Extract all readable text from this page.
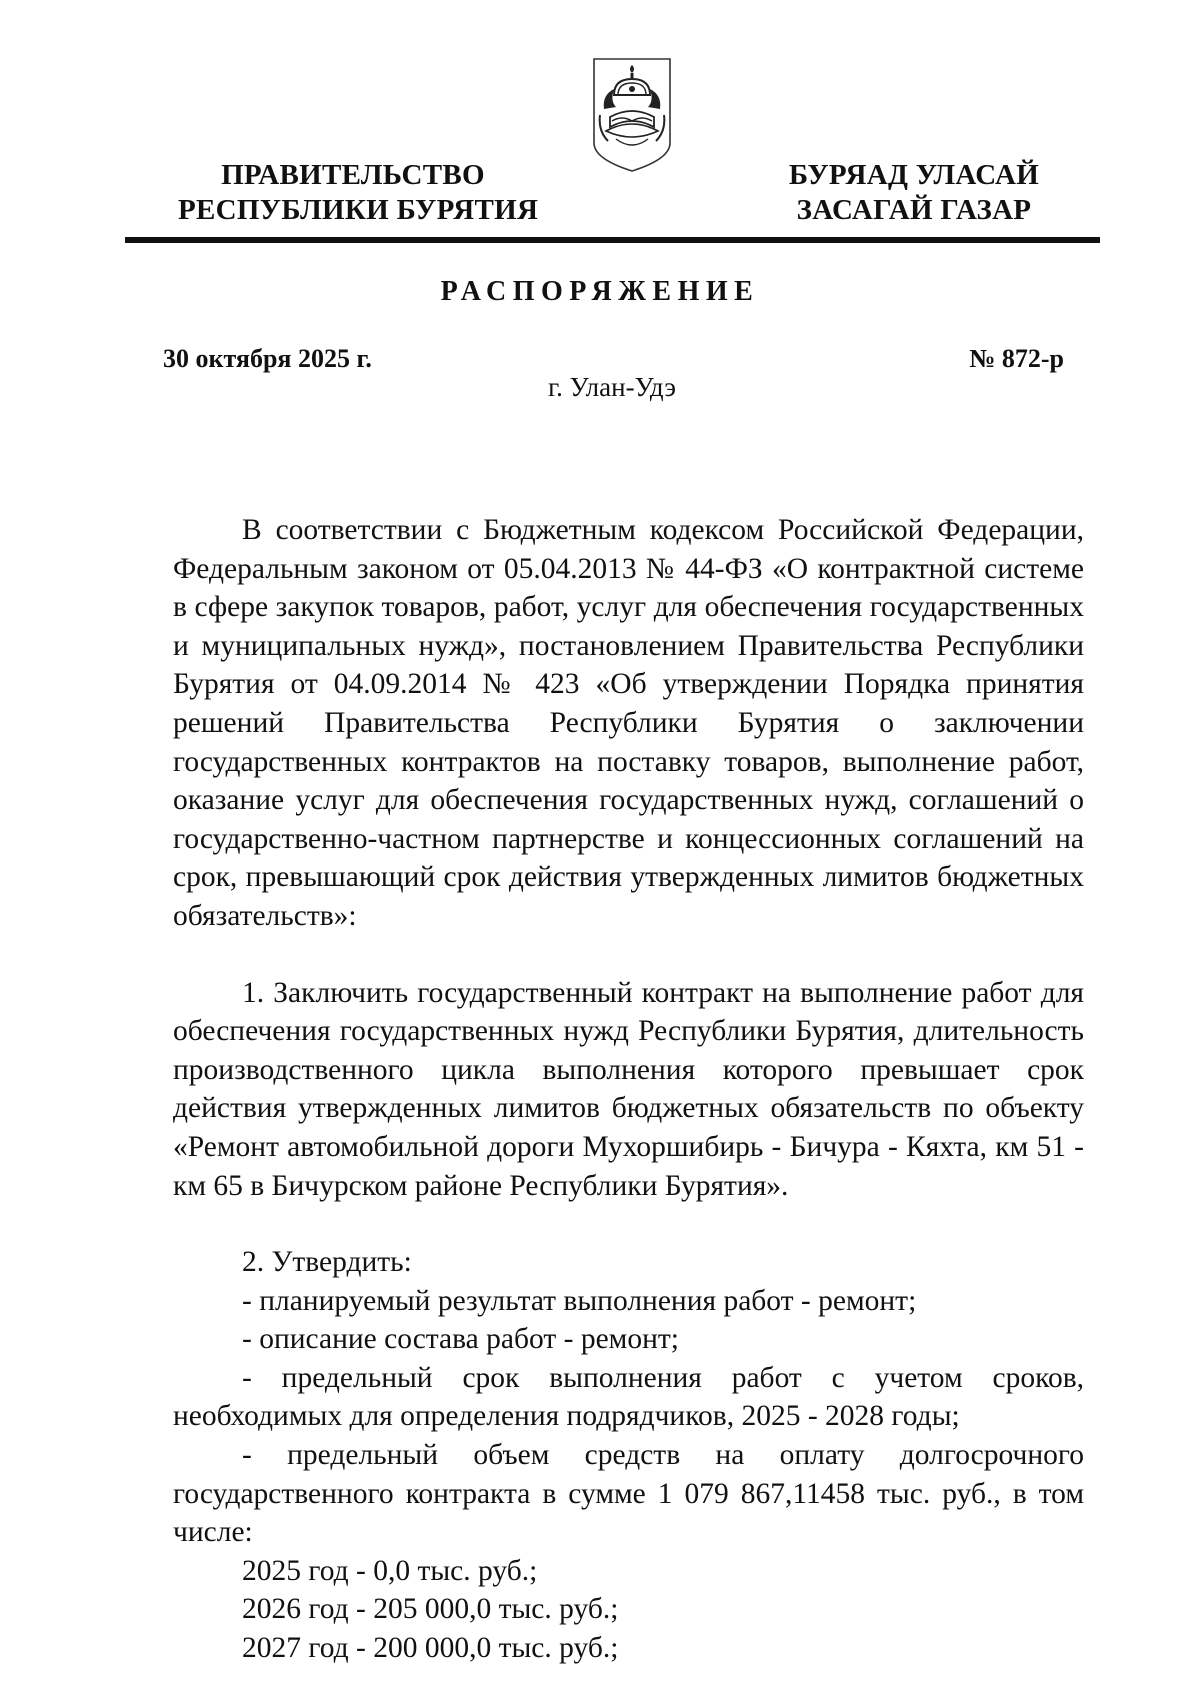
ПРАВИТЕЛЬСТВО
РЕСПУБЛИКИ БУРЯТИЯ
БУРЯАД УЛАСАЙ
ЗАСАГАЙ ГАЗАР
РАСПОРЯЖЕНИЕ
30 октября 2025 г.	№ 872-р
г. Улан-Удэ

В соответствии с Бюджетным кодексом Российской Федерации, Федеральным законом от 05.04.2013 № 44-ФЗ «О контрактной системе в сфере закупок товаров, работ, услуг для обеспечения государственных и муниципальных нужд», постановлением Правительства Республики Бурятия от 04.09.2014 № 423 «Об утверждении Порядка принятия решений Правительства Республики Бурятия о заключении государственных контрактов на поставку товаров, выполнение работ, оказание услуг для обеспечения государственных нужд, соглашений о государственно-частном партнерстве и концессионных соглашений на срок, превышающий срок действия утвержденных лимитов бюджетных обязательств»:

1. Заключить государственный контракт на выполнение работ для обеспечения государственных нужд Республики Бурятия, длительность производственного цикла выполнения которого превышает срок действия утвержденных лимитов бюджетных обязательств по объекту «Ремонт автомобильной дороги Мухоршибирь - Бичура - Кяхта, км 51 - км 65 в Бичурском районе Республики Бурятия».

2. Утвердить:
- планируемый результат выполнения работ - ремонт;
- описание состава работ - ремонт;

- предельный срок выполнения работ с учетом сроков, необходимых для определения подрядчиков, 2025 - 2028 годы;

- предельный объем средств на оплату долгосрочного государственного контракта в сумме 1 079 867,11458 тыс. руб., в том числе:

2025 год - 0,0 тыс. руб.;
2026 год - 205 000,0 тыс. руб.;
2027 год - 200 000,0 тыс. руб.;
